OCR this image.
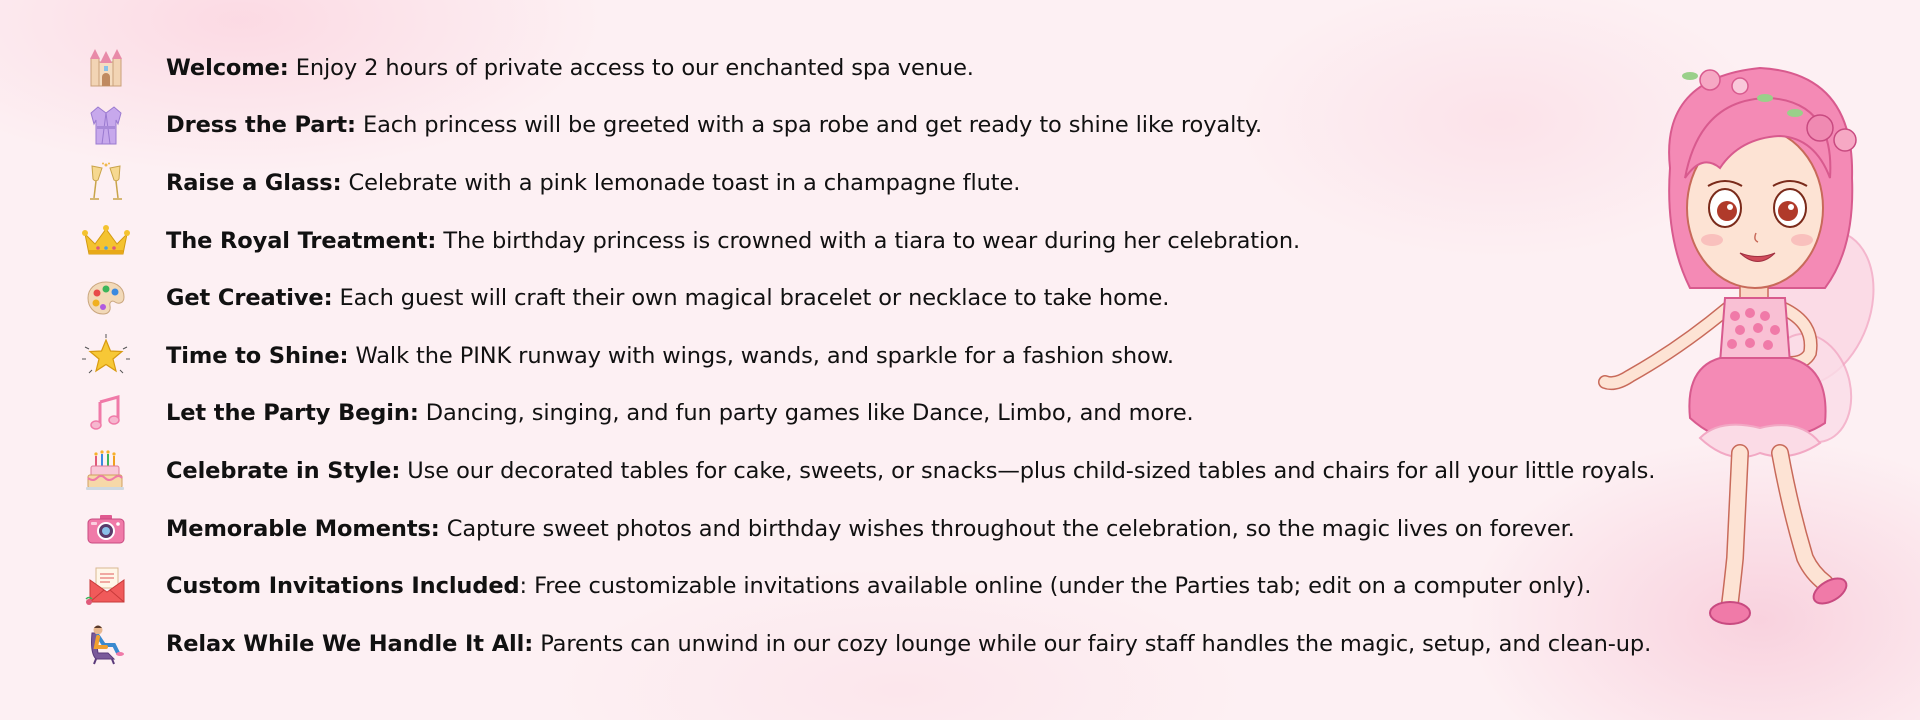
Welcome: Enjoy 2 hours of private access to our enchanted spa venue.
Dress the Part: Each princess will be greeted with a spa robe and get ready to shine like royalty.
Raise a Glass: Celebrate with a pink lemonade toast in a champagne flute.
The Royal Treatment: The birthday princess is crowned with a tiara to wear during her celebration.
Get Creative: Each guest will craft their own magical bracelet or necklace to take home.
Time to Shine: Walk the PINK runway with wings, wands, and sparkle for a fashion show.
Let the Party Begin: Dancing, singing, and fun party games like Dance, Limbo, and more.
Celebrate in Style: Use our decorated tables for cake, sweets, or snacks—plus child-sized tables and chairs for all your little royals.
Memorable Moments: Capture sweet photos and birthday wishes throughout the celebration, so the magic lives on forever.
Custom Invitations Included: Free customizable invitations available online (under the Parties tab; edit on a computer only).
Relax While We Handle It All: Parents can unwind in our cozy lounge while our fairy staff handles the magic, setup, and clean-up.
